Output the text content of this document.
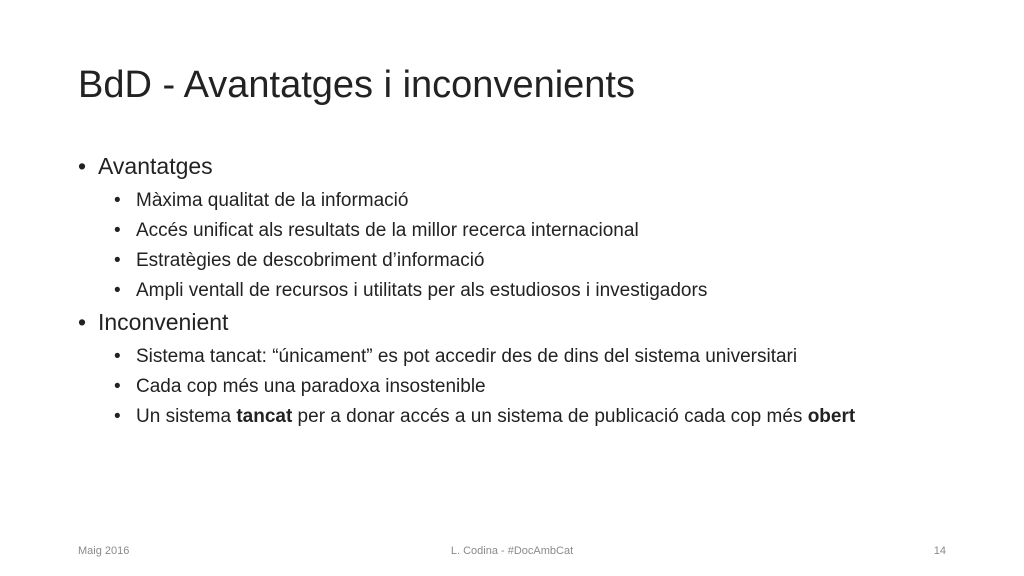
BdD - Avantatges i inconvenients
• Avantatges
• Màxima qualitat de la informació
• Accés unificat als resultats de la millor recerca internacional
• Estratègies de descobriment d’informació
• Ampli ventall de recursos i utilitats per als estudiosos i investigadors
• Inconvenient
• Sistema tancat: “únicament” es pot accedir des de dins del sistema universitari
• Cada cop més una paradoxa insostenible
• Un sistema tancat per a donar accés a un sistema de publicació cada cop més obert
Maig 2016	L. Codina - #DocAmbCat	14
